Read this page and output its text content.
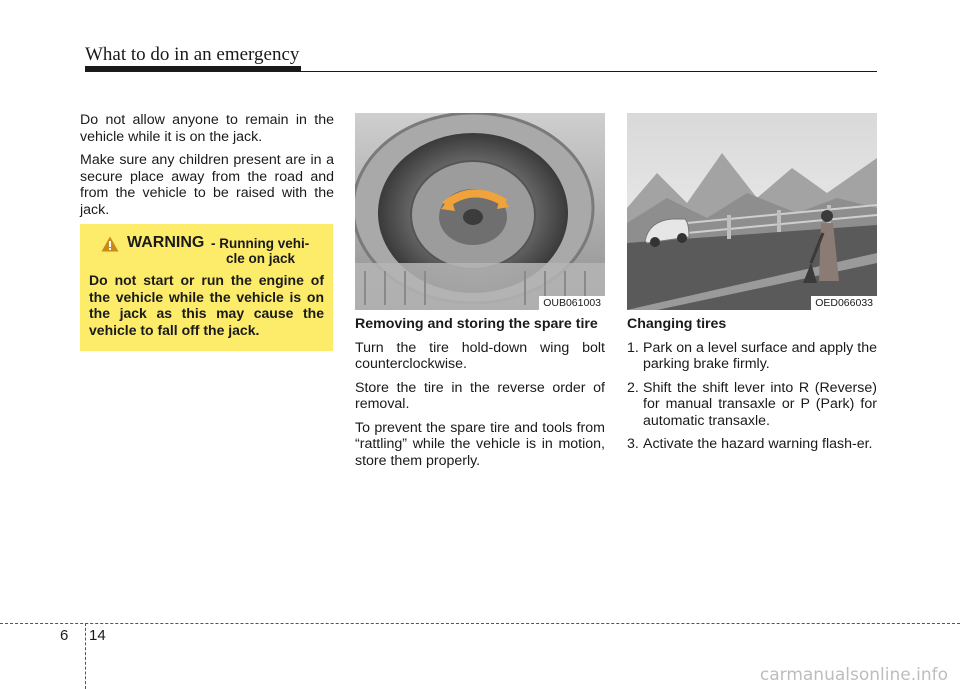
What to do in an emergency

Do not allow anyone to remain in the vehicle while it is on the jack.

Make sure any children present are in a secure place away from the road and from the vehicle to be raised with the jack.

WARNING - Running vehi-
cle on jack
Do not start or run the engine of the vehicle while the vehicle is on the jack as this may cause the vehicle to fall off the jack.
OUB061003	OED066033

Removing and storing the spare tire

Turn the tire hold-down wing bolt counterclockwise.

Store the tire in the reverse order of removal.

To prevent the spare tire and tools from “rattling” while the vehicle is in motion, store them properly.

Changing tires

1. Park on a level surface and apply the parking brake firmly.
2. Shift the shift lever into R (Reverse) for manual transaxle or P (Park) for automatic transaxle.
3. Activate the hazard warning flash-er.
6 14
carmanualsonline.info
